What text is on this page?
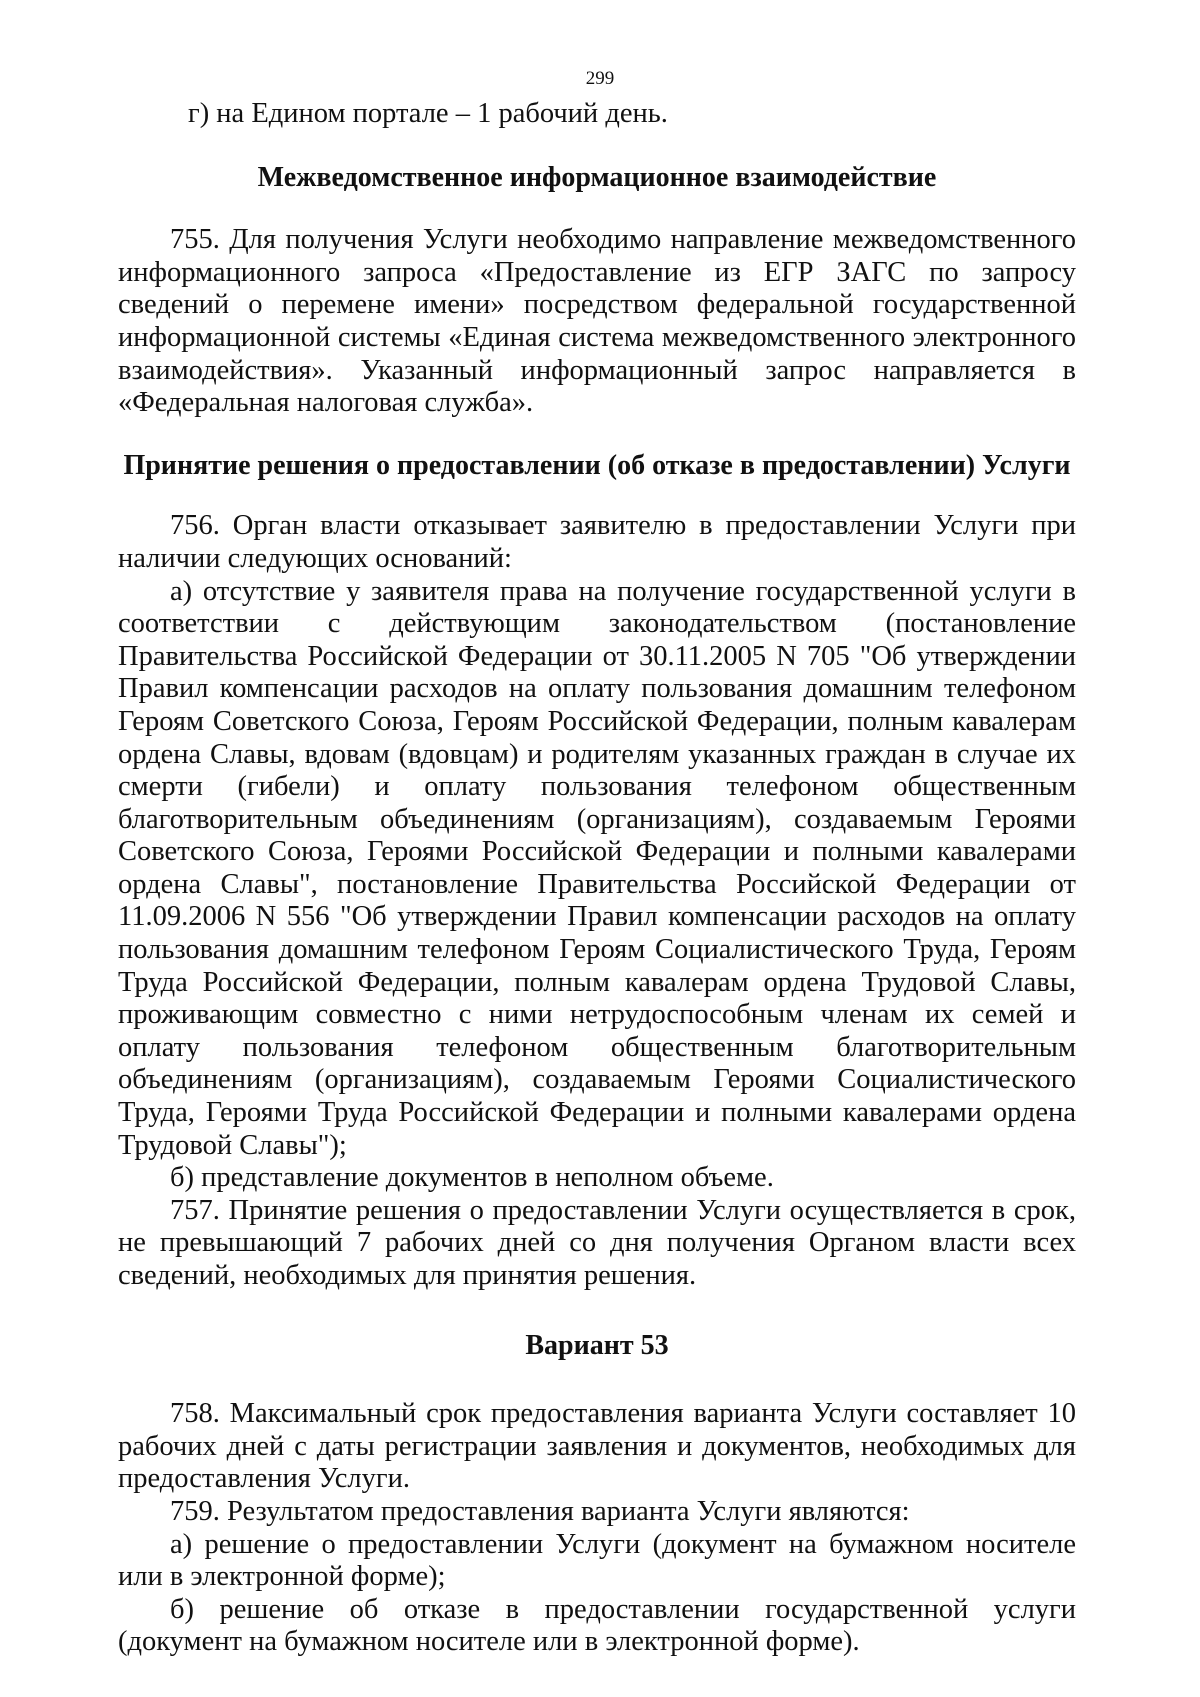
299

г) на Едином портале – 1 рабочий день.

Межведомственное информационное взаимодействие

755. Для получения Услуги необходимо направление межведомственного информационного запроса «Предоставление из ЕГР ЗАГС по запросу сведений о перемене имени» посредством федеральной государственной информационной системы «Единая система межведомственного электронного взаимодействия». Указанный информационный запрос направляется в «Федеральная налоговая служба».

Принятие решения о предоставлении (об отказе в предоставлении) Услуги

756. Орган власти отказывает заявителю в предоставлении Услуги при наличии следующих оснований:

а) отсутствие у заявителя права на получение государственной услуги в соответствии с действующим законодательством (постановление Правительства Российской Федерации от 30.11.2005 N 705 "Об утверждении Правил компенсации расходов на оплату пользования домашним телефоном Героям Советского Союза, Героям Российской Федерации, полным кавалерам ордена Славы, вдовам (вдовцам) и родителям указанных граждан в случае их смерти (гибели) и оплату пользования телефоном общественным благотворительным объединениям (организациям), создаваемым Героями Советского Союза, Героями Российской Федерации и полными кавалерами ордена Славы", постановление Правительства Российской Федерации от 11.09.2006 N 556 "Об утверждении Правил компенсации расходов на оплату пользования домашним телефоном Героям Социалистического Труда, Героям Труда Российской Федерации, полным кавалерам ордена Трудовой Славы, проживающим совместно с ними нетрудоспособным членам их семей и оплату пользования телефоном общественным благотворительным объединениям (организациям), создаваемым Героями Социалистического Труда, Героями Труда Российской Федерации и полными кавалерами ордена Трудовой Славы");

б) представление документов в неполном объеме.

757. Принятие решения о предоставлении Услуги осуществляется в срок, не превышающий 7 рабочих дней со дня получения Органом власти всех сведений, необходимых для принятия решения.

Вариант 53

758. Максимальный срок предоставления варианта Услуги составляет 10 рабочих дней с даты регистрации заявления и документов, необходимых для предоставления Услуги.

759. Результатом предоставления варианта Услуги являются:

а) решение о предоставлении Услуги (документ на бумажном носителе или в электронной форме);

б) решение об отказе в предоставлении государственной услуги (документ на бумажном носителе или в электронной форме).
